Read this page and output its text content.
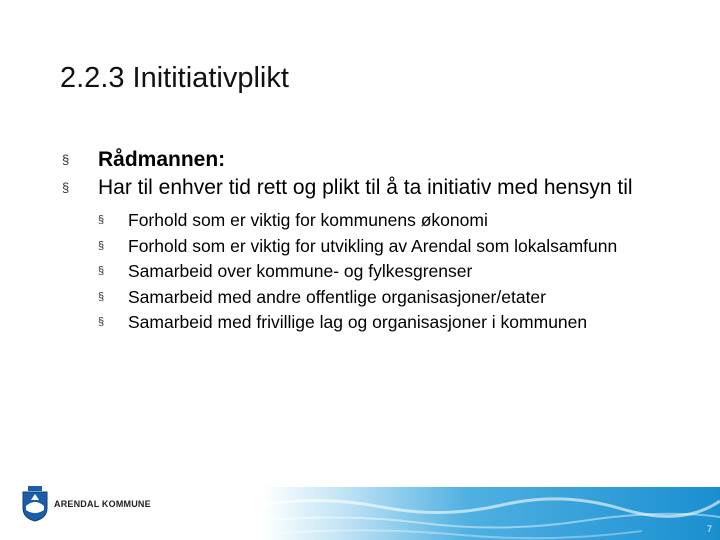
2.2.3 Inititiativplikt
§ Rådmannen:
§ Har til enhver tid rett og plikt til å ta initiativ med hensyn til
§ Forhold som er viktig for kommunens økonomi
§ Forhold som er viktig for utvikling av Arendal som lokalsamfunn
§ Samarbeid over kommune- og fylkesgrenser
§ Samarbeid med andre offentlige organisasjoner/etater
§ Samarbeid med frivillige lag og organisasjoner i kommunen
ARENDAL KOMMUNE
7
